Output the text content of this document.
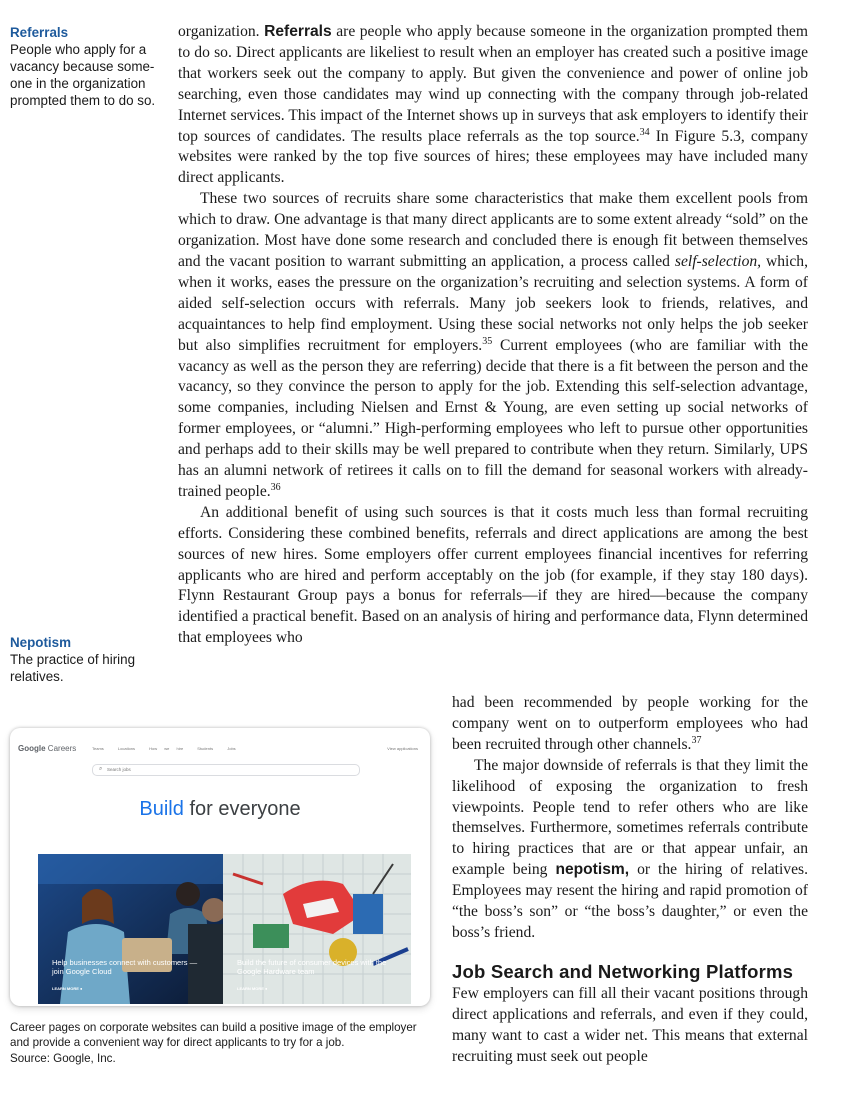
Referrals
People who apply for a vacancy because some-one in the organization prompted them to do so.
Nepotism
The practice of hiring relatives.

organization. Referrals are people who apply because someone in the organization prompted them to do so. Direct applicants are likeliest to result when an employer has created such a positive image that workers seek out the company to apply. But given the convenience and power of online job searching, even those candidates may wind up connecting with the company through job-related Internet services. This impact of the Internet shows up in surveys that ask employers to identify their top sources of candidates. The results place referrals as the top source.$^{34}$ In Figure 5.3, company websites were ranked by the top five sources of hires; these employees may have included many direct applicants.

These two sources of recruits share some characteristics that make them excellent pools from which to draw. One advantage is that many direct applicants are to some extent already “sold” on the organization. Most have done some research and concluded there is enough fit between themselves and the vacant position to warrant submitting an application, a process called self-selection, which, when it works, eases the pressure on the organization’s recruiting and selection systems. A form of aided self-selection occurs with referrals. Many job seekers look to friends, relatives, and acquaintances to help find employment. Using these social networks not only helps the job seeker but also simplifies recruitment for employers.$^{35}$ Current employees (who are familiar with the vacancy as well as the person they are referring) decide that there is a fit between the person and the vacancy, so they convince the person to apply for the job. Extending this self-selection advantage, some companies, including Nielsen and Ernst & Young, are even setting up social networks of former employees, or “alumni.” High-performing employees who left to pursue other opportunities and perhaps add to their skills may be well prepared to contribute when they return. Similarly, UPS has an alumni network of retirees it calls on to fill the demand for seasonal workers with already-trained people.$^{36}$

An additional benefit of using such sources is that it costs much less than formal recruiting efforts. Considering these combined benefits, referrals and direct applications are among the best sources of new hires. Some employers offer current employees financial incentives for referring applicants who are hired and perform acceptably on the job (for example, if they stay 180 days). Flynn Restaurant Group pays a bonus for referrals—if they are hired—because the company identified a practical benefit. Based on an analysis of hiring and performance data, Flynn determined that employees who

had been recommended by people working for the company went on to outperform employees who had been recruited through other channels.$^{37}$

The major downside of referrals is that they limit the likelihood of exposing the organization to fresh viewpoints. People tend to refer others who are like themselves. Furthermore, sometimes referrals contribute to hiring practices that are or that appear unfair, an example being nepotism, or the hiring of relatives. Employees may resent the hiring and rapid promotion of “the boss’s son” or “the boss’s daughter,” or even the boss’s friend.

Job Search and Networking Platforms

Few employers can fill all their vacant positions through direct applications and referrals, and even if they could, many want to cast a wider net. This means that external recruiting must seek out people

Google Careers	Teams	Locations	How we hire	Students	Jobs	View applications
⌕ Search jobs
Build for everyone
Help businesses connect with customers — join Google Cloud
LEARN MORE ●
Build the future of consumer devices with the Google Hardware team
LEARN MORE ●
Career pages on corporate websites can build a positive image of the employer and provide a convenient way for direct applicants to try for a job.
Source: Google, Inc.
